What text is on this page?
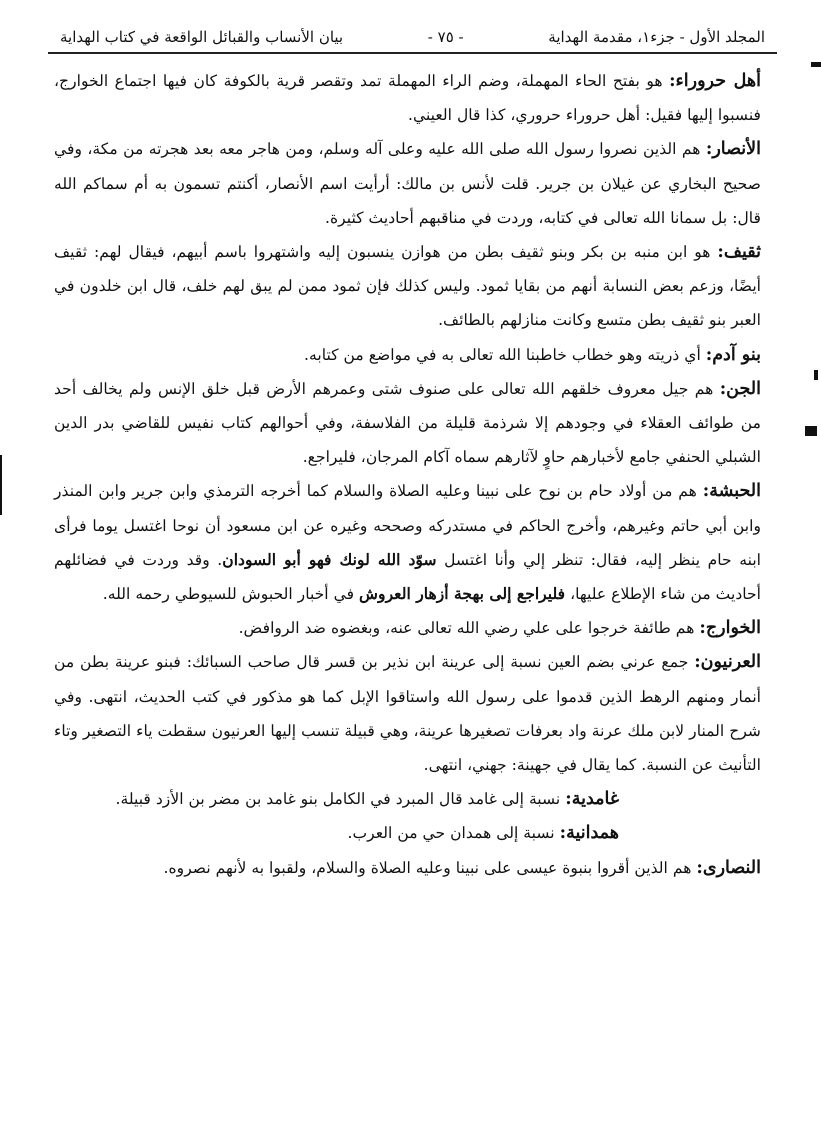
المجلد الأول - جزء١، مقدمة الهداية
- ٧٥ -
بيان الأنساب والقبائل الواقعة في كتاب الهداية

أهل حروراء: هو بفتح الحاء المهملة، وضم الراء المهملة تمد وتقصر قرية بالكوفة كان فيها اجتماع الخوارج، فنسبوا إليها فقيل: أهل حروراء حروري، كذا قال العيني.

الأنصار: هم الذين نصروا رسول الله صلى الله عليه وعلى آله وسلم، ومن هاجر معه بعد هجرته من مكة، وفي صحيح البخاري عن غيلان بن جرير. قلت لأنس بن مالك: أرأيت اسم الأنصار، أكنتم تسمون به أم سماكم الله قال: بل سمانا الله تعالى في كتابه، وردت في مناقبهم أحاديث كثيرة.

ثقيف: هو ابن منبه بن بكر وبنو ثقيف بطن من هوازن ينسبون إليه واشتهروا باسم أبيهم، فيقال لهم: ثقيف أيضًا، وزعم بعض النسابة أنهم من بقايا ثمود. وليس كذلك فإن ثمود ممن لم يبق لهم خلف، قال ابن خلدون في العبر بنو ثقيف بطن متسع وكانت منازلهم بالطائف.

بنو آدم: أي ذريته وهو خطاب خاطبنا الله تعالى به في مواضع من كتابه.

الجن: هم جيل معروف خلقهم الله تعالى على صنوف شتى وعمرهم الأرض قبل خلق الإنس ولم يخالف أحد من طوائف العقلاء في وجودهم إلا شرذمة قليلة من الفلاسفة، وفي أحوالهم كتاب نفيس للقاضي بدر الدين الشبلي الحنفي جامع لأخبارهم حاوٍ لآثارهم سماه آكام المرجان، فليراجع.

الحبشة: هم من أولاد حام بن نوح على نبينا وعليه الصلاة والسلام كما أخرجه الترمذي وابن جرير وابن المنذر وابن أبي حاتم وغيرهم، وأخرج الحاكم في مستدركه وصححه وغيره عن ابن مسعود أن نوحا اغتسل يوما فرأى ابنه حام ينظر إليه، فقال: تنظر إلي وأنا اغتسل سوّد الله لونك فهو أبو السودان. وقد وردت في فضائلهم أحاديث من شاء الإطلاع عليها، فليراجع إلى بهجة أزهار العروش في أخبار الحبوش للسيوطي رحمه الله.

الخوارج: هم طائفة خرجوا على علي رضي الله تعالى عنه، وبغضوه ضد الروافض.

العرنيون: جمع عرني بضم العين نسبة إلى عرينة ابن نذير بن قسر قال صاحب السبائك: فبنو عرينة بطن من أنمار ومنهم الرهط الذين قدموا على رسول الله واستاقوا الإبل كما هو مذكور في كتب الحديث، انتهى. وفي شرح المنار لابن ملك عرنة واد بعرفات تصغيرها عرينة، وهي قبيلة تنسب إليها العرنيون سقطت ياء التصغير وتاء التأنيث عن النسبة. كما يقال في جهينة: جهني، انتهى.

غامدية: نسبة إلى غامد قال المبرد في الكامل بنو غامد بن مضر بن الأزد قبيلة.

همدانية: نسبة إلى همدان حي من العرب.

النصارى: هم الذين أقروا بنبوة عيسى على نبينا وعليه الصلاة والسلام، ولقبوا به لأنهم نصروه.
